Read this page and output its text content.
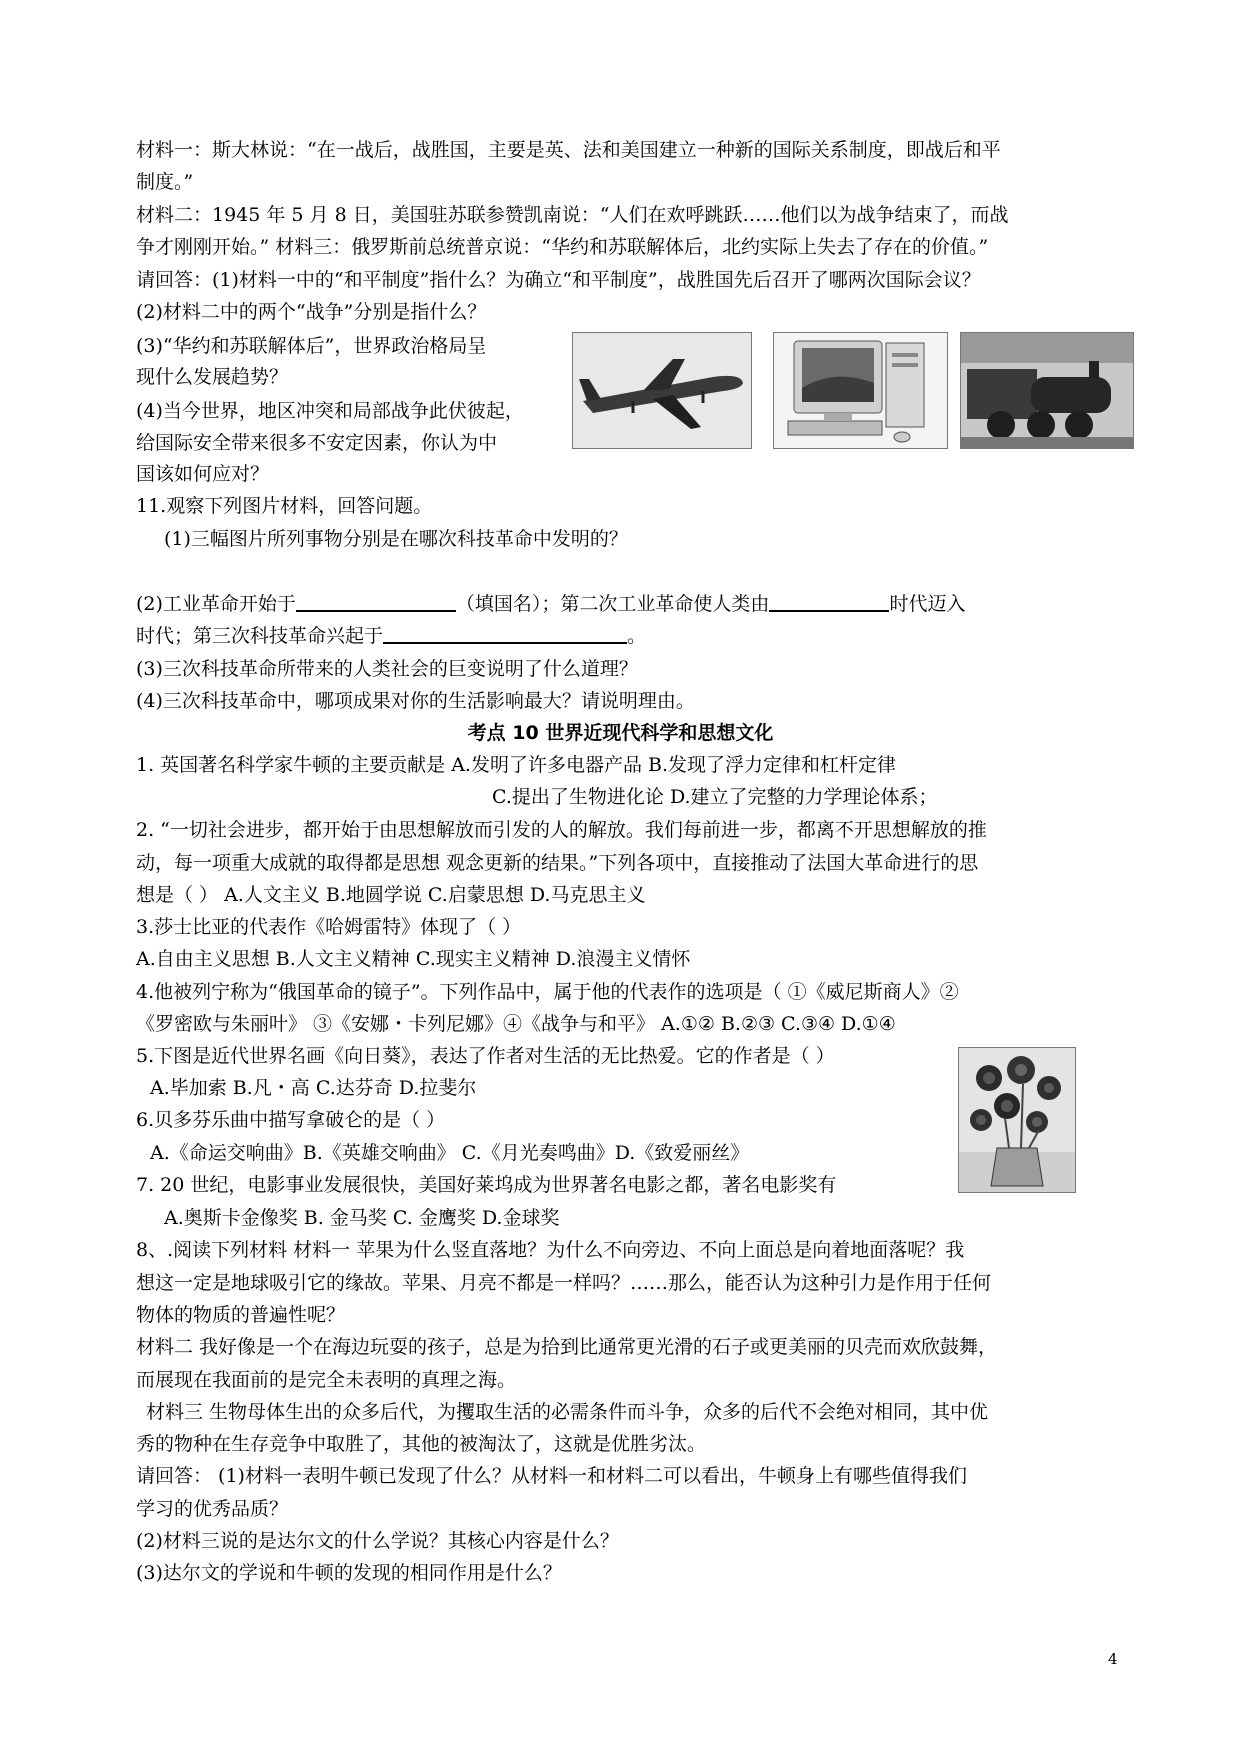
材料一：斯大林说：“在一战后，战胜国，主要是英、法和美国建立一种新的国际关系制度，即战后和平
制度。”
材料二：1945 年 5 月 8 日，美国驻苏联参赞凯南说：“人们在欢呼跳跃……他们以为战争结束了，而战
争才刚刚开始。” 材料三：俄罗斯前总统普京说：“华约和苏联解体后，北约实际上失去了存在的价值。”
请回答：(1)材料一中的“和平制度”指什么？为确立“和平制度”，战胜国先后召开了哪两次国际会议？
(2)材料二中的两个“战争”分别是指什么？
(3)“华约和苏联解体后”，世界政治格局呈
现什么发展趋势？
(4)当今世界，地区冲突和局部战争此伏彼起，
给国际安全带来很多不安定因素，你认为中
国该如何应对？
11.观察下列图片材料，回答问题。
(1)三幅图片所列事物分别是在哪次科技革命中发明的？
(2)工业革命开始于	（填国名）；第二次工业革命使人类由	时代迈入
时代；第三次科技革命兴起于	。
(3)三次科技革命所带来的人类社会的巨变说明了什么道理？
(4)三次科技革命中，哪项成果对你的生活影响最大？请说明理由。
考点 10 世界近现代科学和思想文化
1. 英国著名科学家牛顿的主要贡献是 A.发明了许多电器产品 B.发现了浮力定律和杠杆定律
C.提出了生物进化论 D.建立了完整的力学理论体系；
2. “一切社会进步，都开始于由思想解放而引发的人的解放。我们每前进一步，都离不开思想解放的推
动，每一项重大成就的取得都是思想 观念更新的结果。”下列各项中，直接推动了法国大革命进行的思
想是（ ） A.人文主义 B.地圆学说 C.启蒙思想 D.马克思主义
3.莎士比亚的代表作《哈姆雷特》体现了（ ）
A.自由主义思想 B.人文主义精神 C.现实主义精神 D.浪漫主义情怀
4.他被列宁称为“俄国革命的镜子”。下列作品中，属于他的代表作的选项是（ ①《威尼斯商人》②
《罗密欧与朱丽叶》 ③《安娜・卡列尼娜》④《战争与和平》 A.①② B.②③ C.③④ D.①④
5.下图是近代世界名画《向日葵》，表达了作者对生活的无比热爱。它的作者是（ ）
A.毕加索 B.凡・高 C.达芬奇 D.拉斐尔
6.贝多芬乐曲中描写拿破仑的是（ ）
A.《命运交响曲》B.《英雄交响曲》 C.《月光奏鸣曲》D.《致爱丽丝》
7. 20 世纪，电影事业发展很快，美国好莱坞成为世界著名电影之都，著名电影奖有
A.奥斯卡金像奖 B. 金马奖 C. 金鹰奖 D.金球奖
8、.阅读下列材料 材料一 苹果为什么竖直落地？为什么不向旁边、不向上面总是向着地面落呢？我
想这一定是地球吸引它的缘故。苹果、月亮不都是一样吗？……那么，能否认为这种引力是作用于任何
物体的物质的普遍性呢？
材料二 我好像是一个在海边玩耍的孩子，总是为拾到比通常更光滑的石子或更美丽的贝壳而欢欣鼓舞，
而展现在我面前的是完全未表明的真理之海。
材料三 生物母体生出的众多后代，为攫取生活的必需条件而斗争，众多的后代不会绝对相同，其中优
秀的物种在生存竞争中取胜了，其他的被淘汰了，这就是优胜劣汰。
请回答： (1)材料一表明牛顿已发现了什么？从材料一和材料二可以看出，牛顿身上有哪些值得我们
学习的优秀品质？
(2)材料三说的是达尔文的什么学说？其核心内容是什么？
(3)达尔文的学说和牛顿的发现的相同作用是什么？
4
